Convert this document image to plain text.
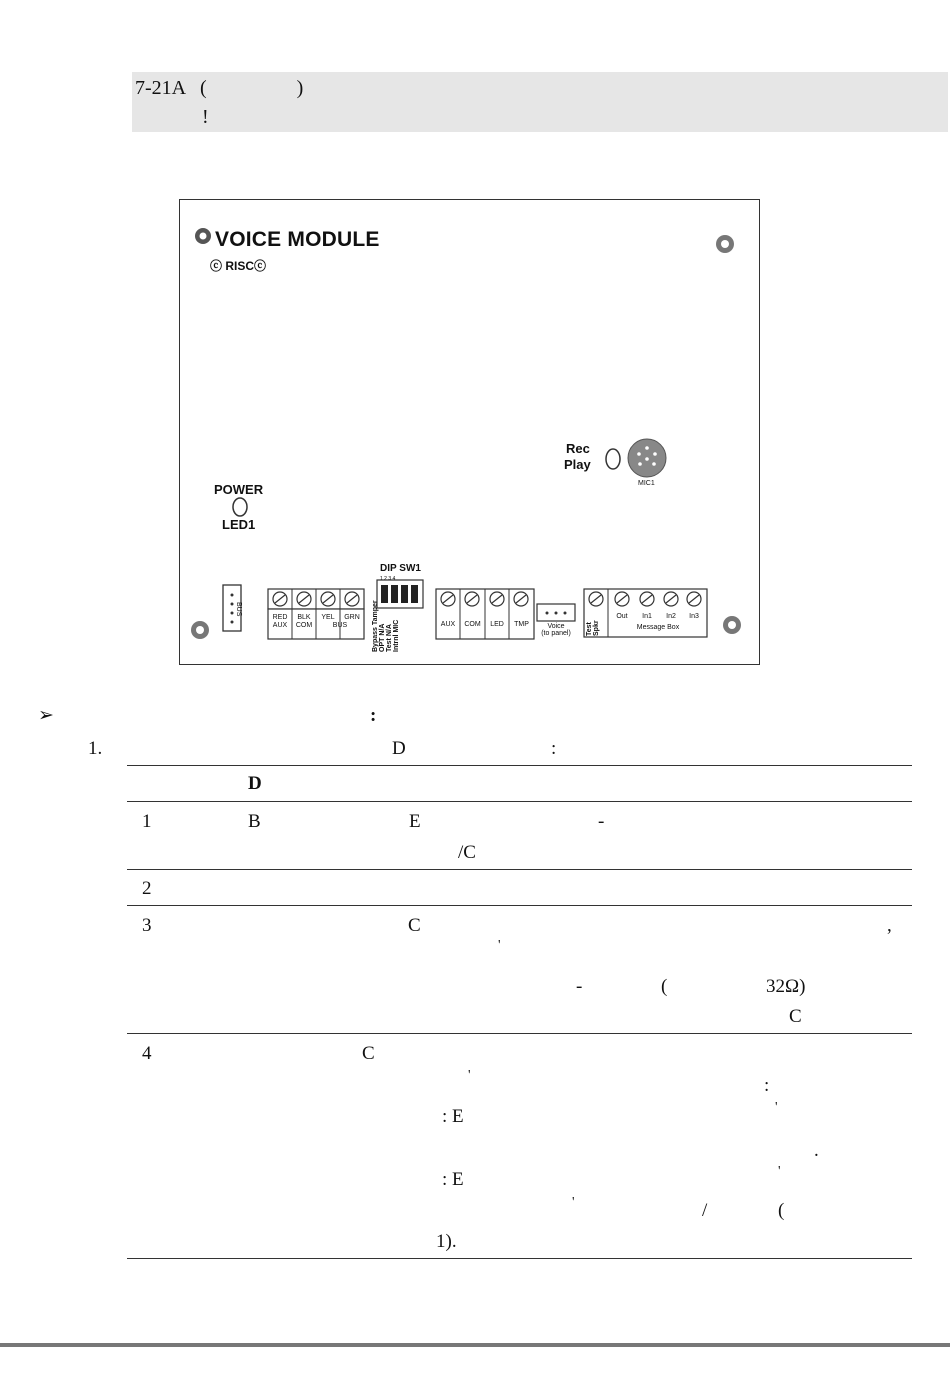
7-21A   (                  )
!
1 2 3 4
VOICE MODULE
ⓒ RISCⓒ
Rec
Play
MIC1
POWER
LED1
DIP SW1
BUS
RED
AUX
BLK
COM
YEL	GRN
BUS	Bypass Tamper OPT N/A Test N/A Intrnl MIC	AUX	COM	LED	TMP	Voice
(to panel)	Test Spkr
Out	In1	In2	In3
Message Box
➢	:
1.	D	:
D
1	B	E	-
/C
2
3	C	,
'
-	(	32Ω)
C
4	C
'	:
: E	'
.
: E	'
'	/	(
1).
